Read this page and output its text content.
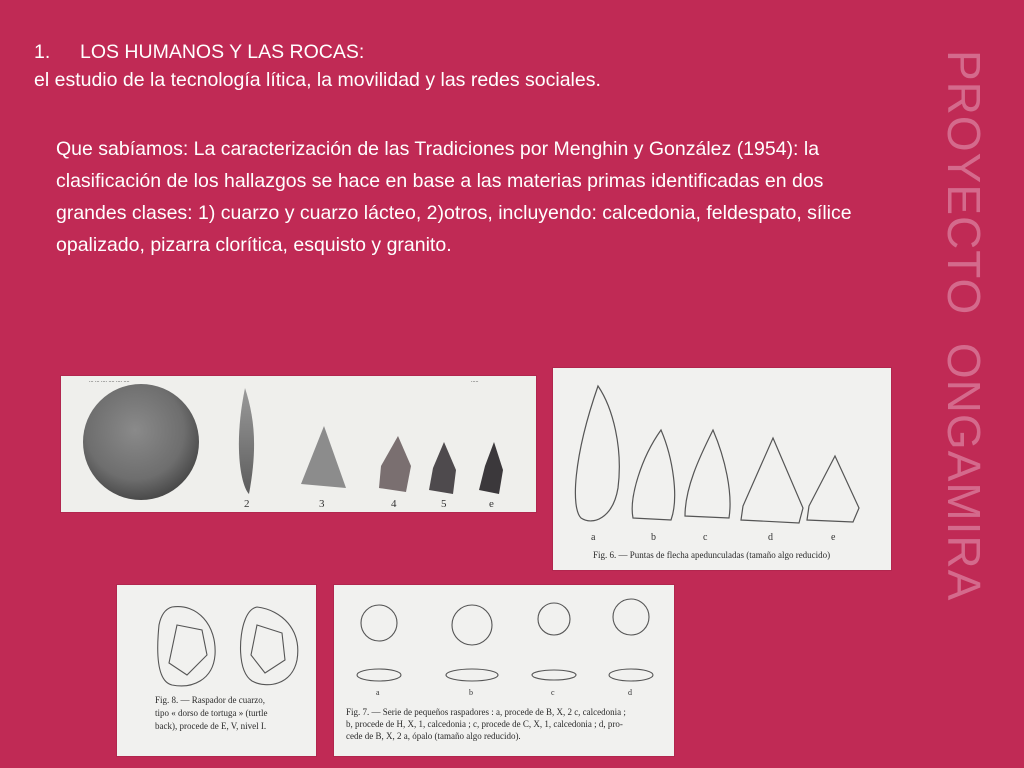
1. LOS HUMANOS Y LAS ROCAS:
el estudio de la tecnología lítica, la movilidad y las redes sociales.
Que sabíamos: La caracterización de las Tradiciones por Menghin y González (1954): la clasificación de los hallazgos se hace en base a las materias primas identificadas en dos grandes clases: 1) cuarzo y cuarzo lácteo, 2)otros, incluyendo: calcedonia, feldespato, sílice opalizado, pizarra clorítica, esquisto y granito.	PROYECTO  ONGAMIRA
... ... .... .... .... ....	.....
2	3	4	5	e
a	b	c	d	e
Fig. 6. — Puntas de flecha apedunculadas (tamaño algo reducido)
Fig. 8. — Raspador de cuarzo,
tipo « dorso de tortuga » (turtle
back), procede de E, V, nivel I.
a	b	c	d
Fig. 7. — Serie de pequeños raspadores : a, procede de B, X, 2 c, calcedonia ;
b, procede de H, X, 1, calcedonia ; c, procede de C, X, 1, calcedonia ; d, pro-
cede de B, X, 2 a, ópalo (tamaño algo reducido).
